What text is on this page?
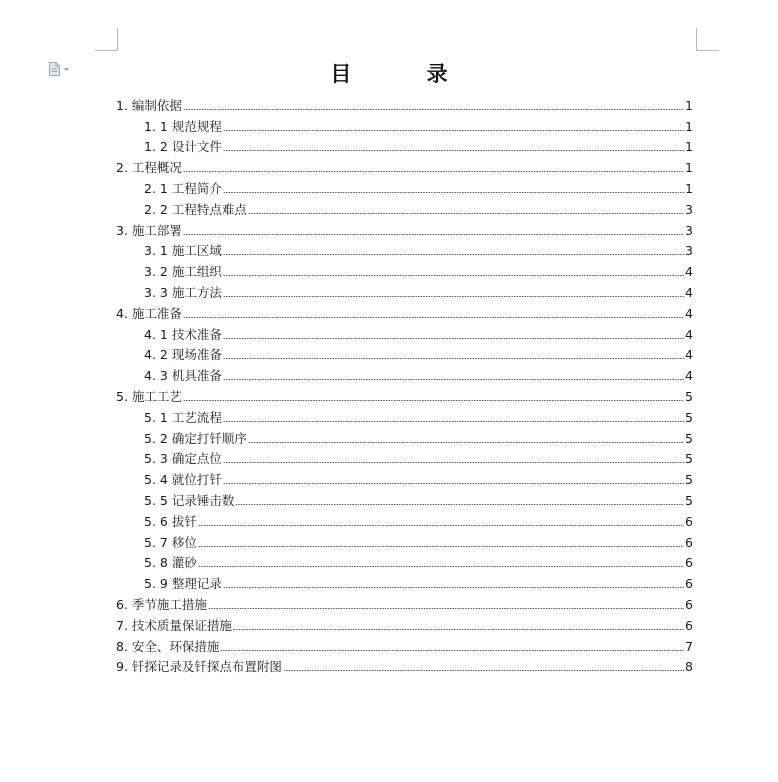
目 录
1. 编制依据	1
1. 1 规范规程	1
1. 2 设计文件	1
2. 工程概况	1
2. 1 工程简介	1
2. 2 工程特点难点	3
3. 施工部署	3
3. 1 施工区域	3
3. 2 施工组织	4
3. 3 施工方法	4
4. 施工准备	4
4. 1 技术准备	4
4. 2 现场准备	4
4. 3 机具准备	4
5. 施工工艺	5
5. 1 工艺流程	5
5. 2 确定打钎顺序	5
5. 3 确定点位	5
5. 4 就位打钎	5
5. 5 记录锤击数	5
5. 6 拔钎	6
5. 7 移位	6
5. 8 灌砂	6
5. 9 整理记录	6
6. 季节施工措施	6
7. 技术质量保证措施	6
8. 安全、环保措施	7
9. 钎探记录及钎探点布置附图	8
